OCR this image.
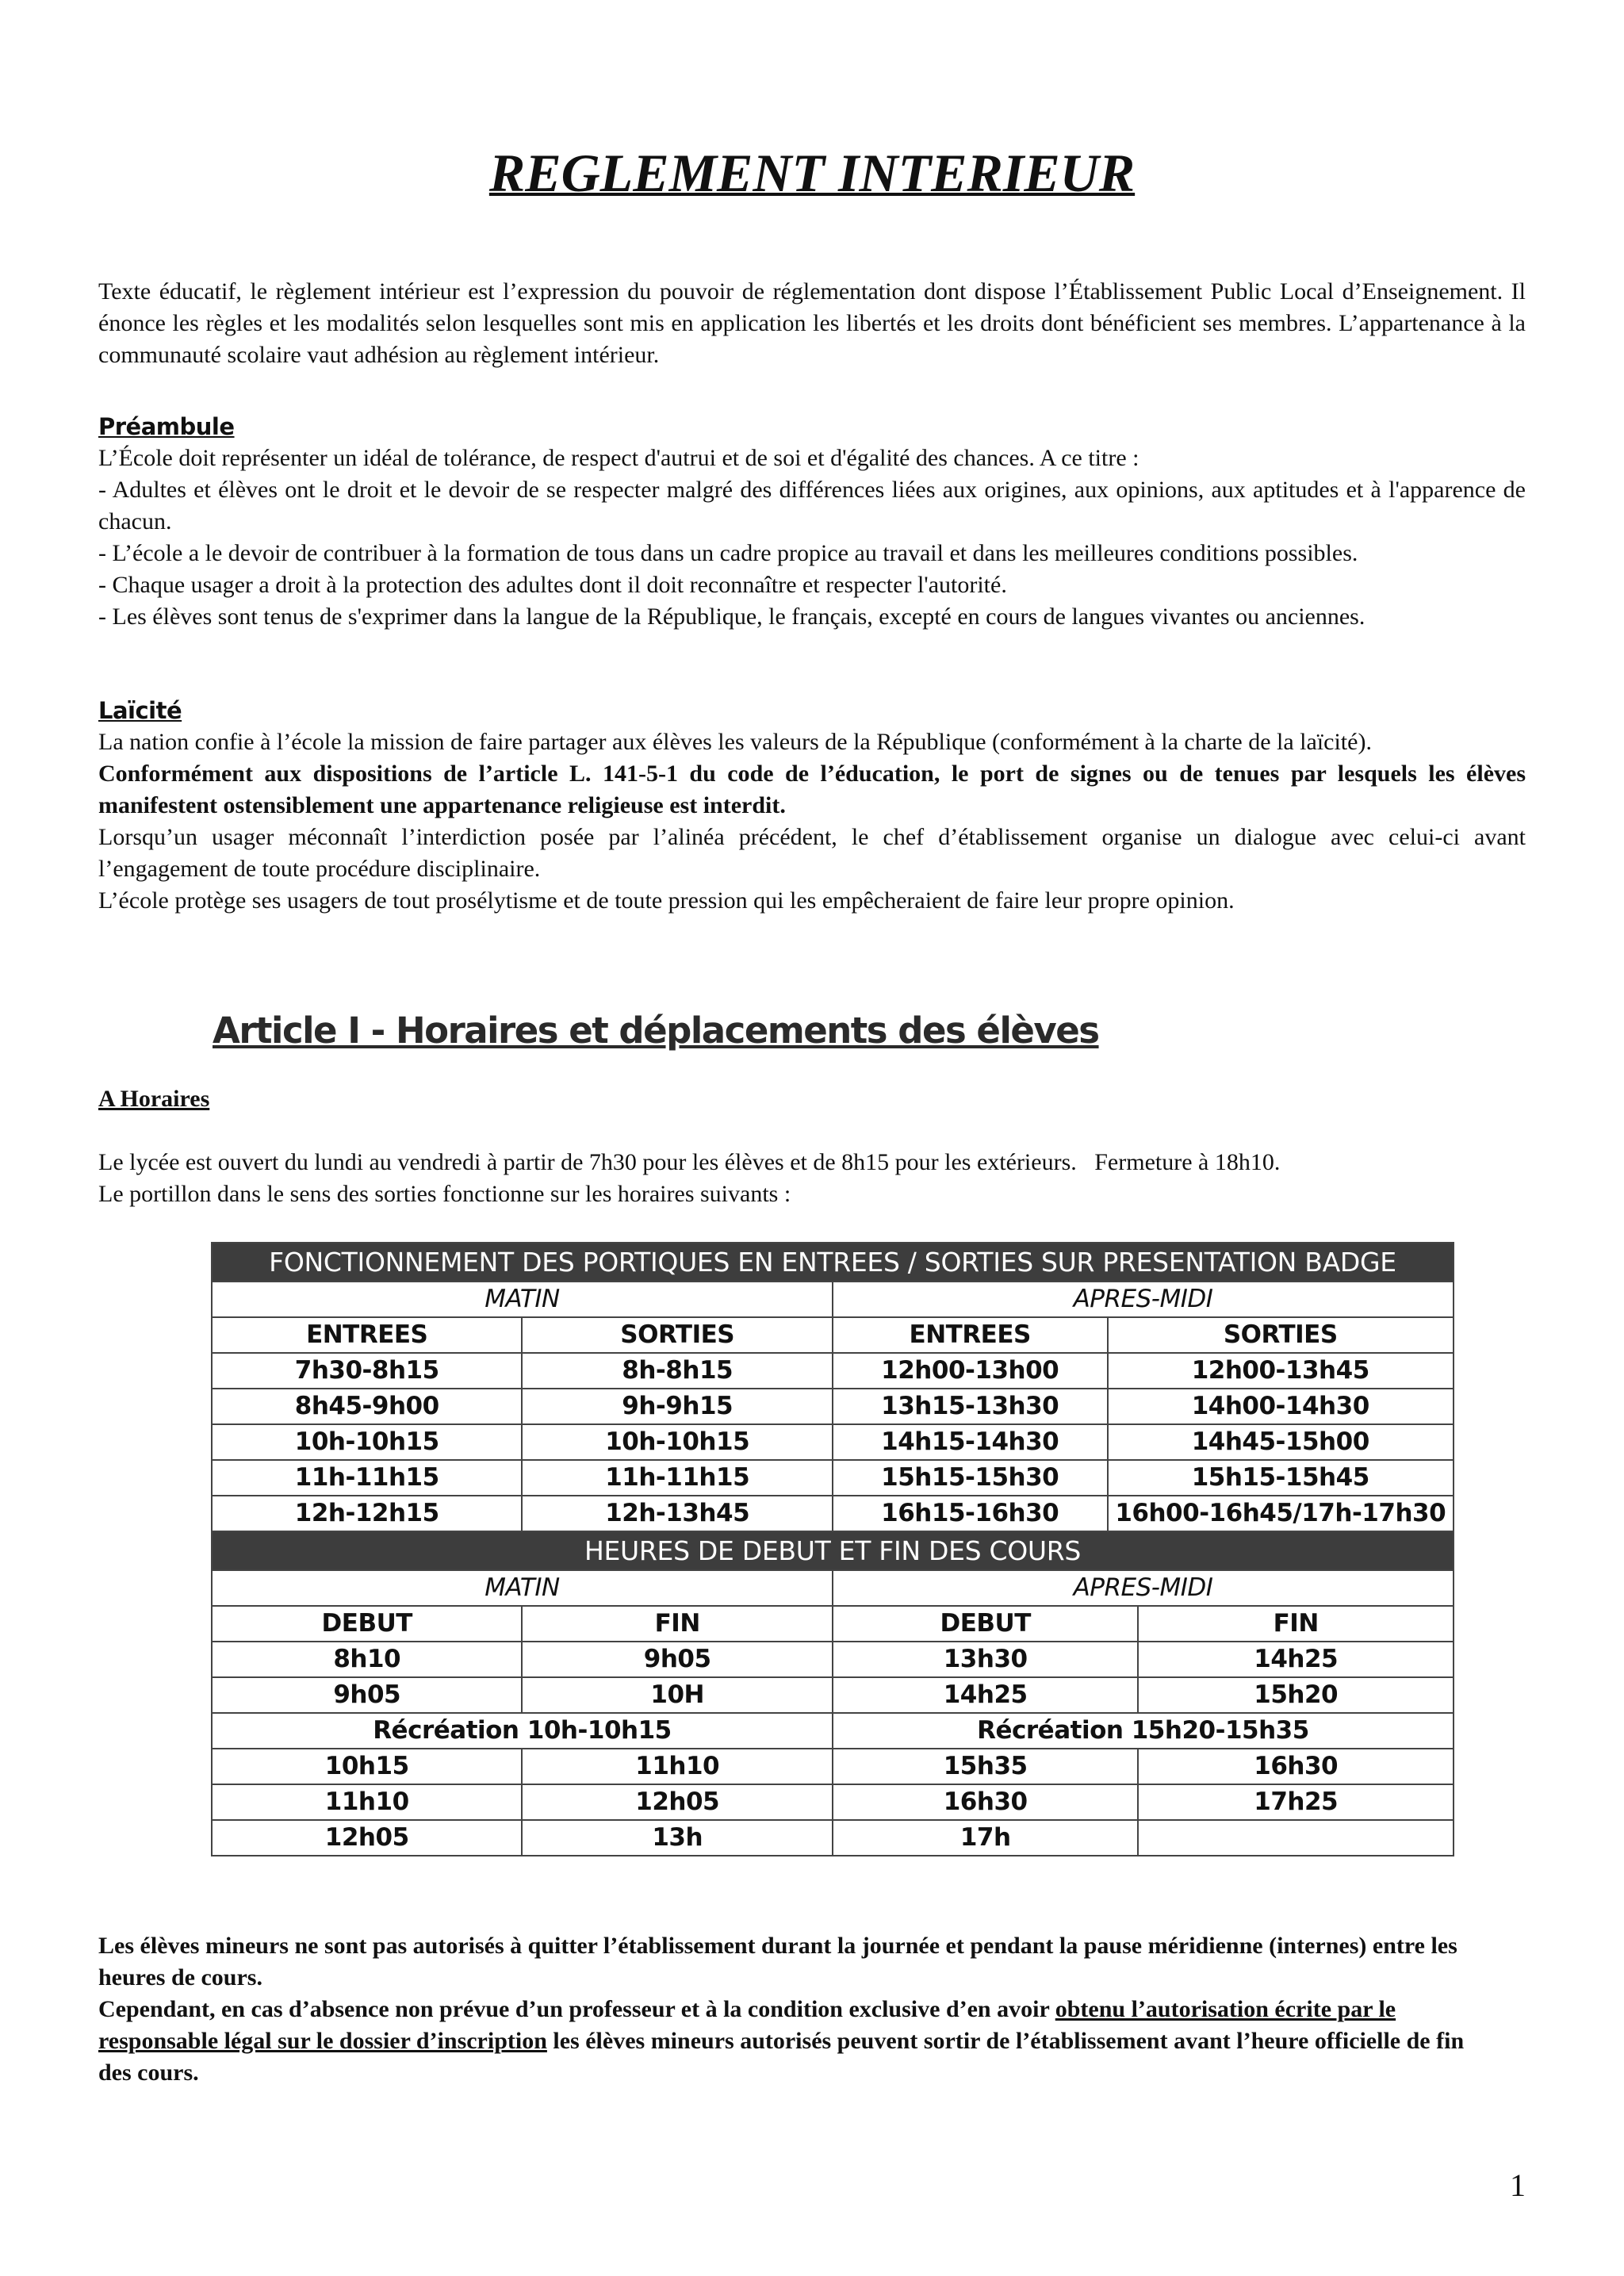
REGLEMENT INTERIEUR

Texte éducatif, le règlement intérieur est l’expression du pouvoir de réglementation dont dispose l’Établissement Public Local d’Enseignement. Il énonce les règles et les modalités selon lesquelles sont mis en application les libertés et les droits dont bénéficient ses membres. L’appartenance à la communauté scolaire vaut adhésion au règlement intérieur.

Préambule

L’École doit représenter un idéal de tolérance, de respect d'autrui et de soi et d'égalité des chances. A ce titre :

- Adultes et élèves ont le droit et le devoir de se respecter malgré des différences liées aux origines, aux opinions, aux aptitudes et à l'apparence de chacun.

- L’école a le devoir de contribuer à la formation de tous dans un cadre propice au travail et dans les meilleures conditions possibles.

- Chaque usager a droit à la protection des adultes dont il doit reconnaître et respecter l'autorité.

- Les élèves sont tenus de s'exprimer dans la langue de la République, le français, excepté en cours de langues vivantes ou anciennes.

Laïcité

La nation confie à l’école la mission de faire partager aux élèves les valeurs de la République (conformément à la charte de la laïcité).

Conformément aux dispositions de l’article L. 141-5-1 du code de l’éducation, le port de signes ou de tenues par lesquels les élèves manifestent ostensiblement une appartenance religieuse est interdit.

Lorsqu’un usager méconnaît l’interdiction posée par l’alinéa précédent, le chef d’établissement organise un dialogue avec celui-ci avant l’engagement de toute procédure disciplinaire.

L’école protège ses usagers de tout prosélytisme et de toute pression qui les empêcheraient de faire leur propre opinion.

Article I - Horaires et déplacements des élèves
A Horaires

Le lycée est ouvert du lundi au vendredi à partir de 7h30 pour les élèves et de 8h15 pour les extérieurs.   Fermeture à 18h10.

Le portillon dans le sens des sorties fonctionne sur les horaires suivants :

FONCTIONNEMENT DES PORTIQUES EN ENTREES / SORTIES SUR PRESENTATION BADGE				
MATIN		APRES-MIDI		
ENTREES	SORTIES	ENTREES	SORTIES	
7h30-8h15	8h-8h15	12h00-13h00	12h00-13h45	
8h45-9h00	9h-9h15	13h15-13h30	14h00-14h30	
10h-10h15	10h-10h15	14h15-14h30	14h45-15h00	
11h-11h15	11h-11h15	15h15-15h30	15h15-15h45	
12h-12h15	12h-13h45	16h15-16h30	16h00-16h45/17h-17h30	
HEURES DE DEBUT ET FIN DES COURS				
MATIN		APRES-MIDI		
DEBUT	FIN	DEBUT		FIN
8h10	9h05	13h30		14h25
9h05	10H	14h25		15h20
Récréation 10h-10h15		Récréation 15h20-15h35		
10h15	11h10	15h35		16h30
11h10	12h05	16h30		17h25
12h05	13h	17h		

Les élèves mineurs ne sont pas autorisés à quitter l’établissement durant la journée et pendant la pause méridienne (internes) entre les heures de cours.

Cependant, en cas d’absence non prévue d’un professeur et à la condition exclusive d’en avoir obtenu l’autorisation écrite par le responsable légal sur le dossier d’inscription les élèves mineurs autorisés peuvent sortir de l’établissement avant l’heure officielle de fin des cours.

1
